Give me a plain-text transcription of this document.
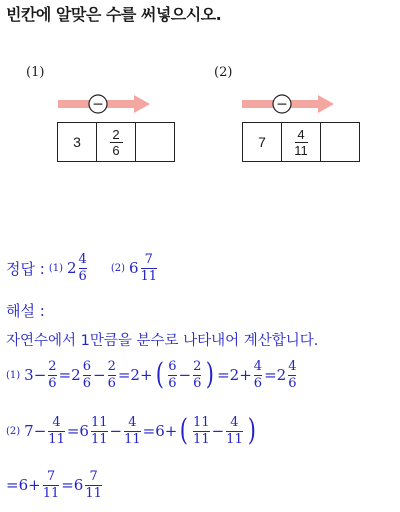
빈칸에 알맞은 수를 써넣으시오.
(1)
−
3	2
6
(2)
−
7	4
11
정답 : (1) $2 \frac{4}{6} (2)$ $6 \frac{7}{11}$
해설 :
자연수에서 1만큼을 분수로 나타내어 계산합니다.
(1) $3- \frac{2}{6} =2 \frac{6}{6} - \frac{2}{6} =2+$ ( $\frac{6}{6} - \frac{2}{6}$ ) $=2+ \frac{4}{6} =2 \frac{4}{6}$
(2) $7- \frac{4}{11} =6 \frac{11}{11} - \frac{4}{11} =6+$ ( $\frac{11}{11} - \frac{4}{11}$ )
$=6+ \frac{7}{11} =6 \frac{7}{11}$
